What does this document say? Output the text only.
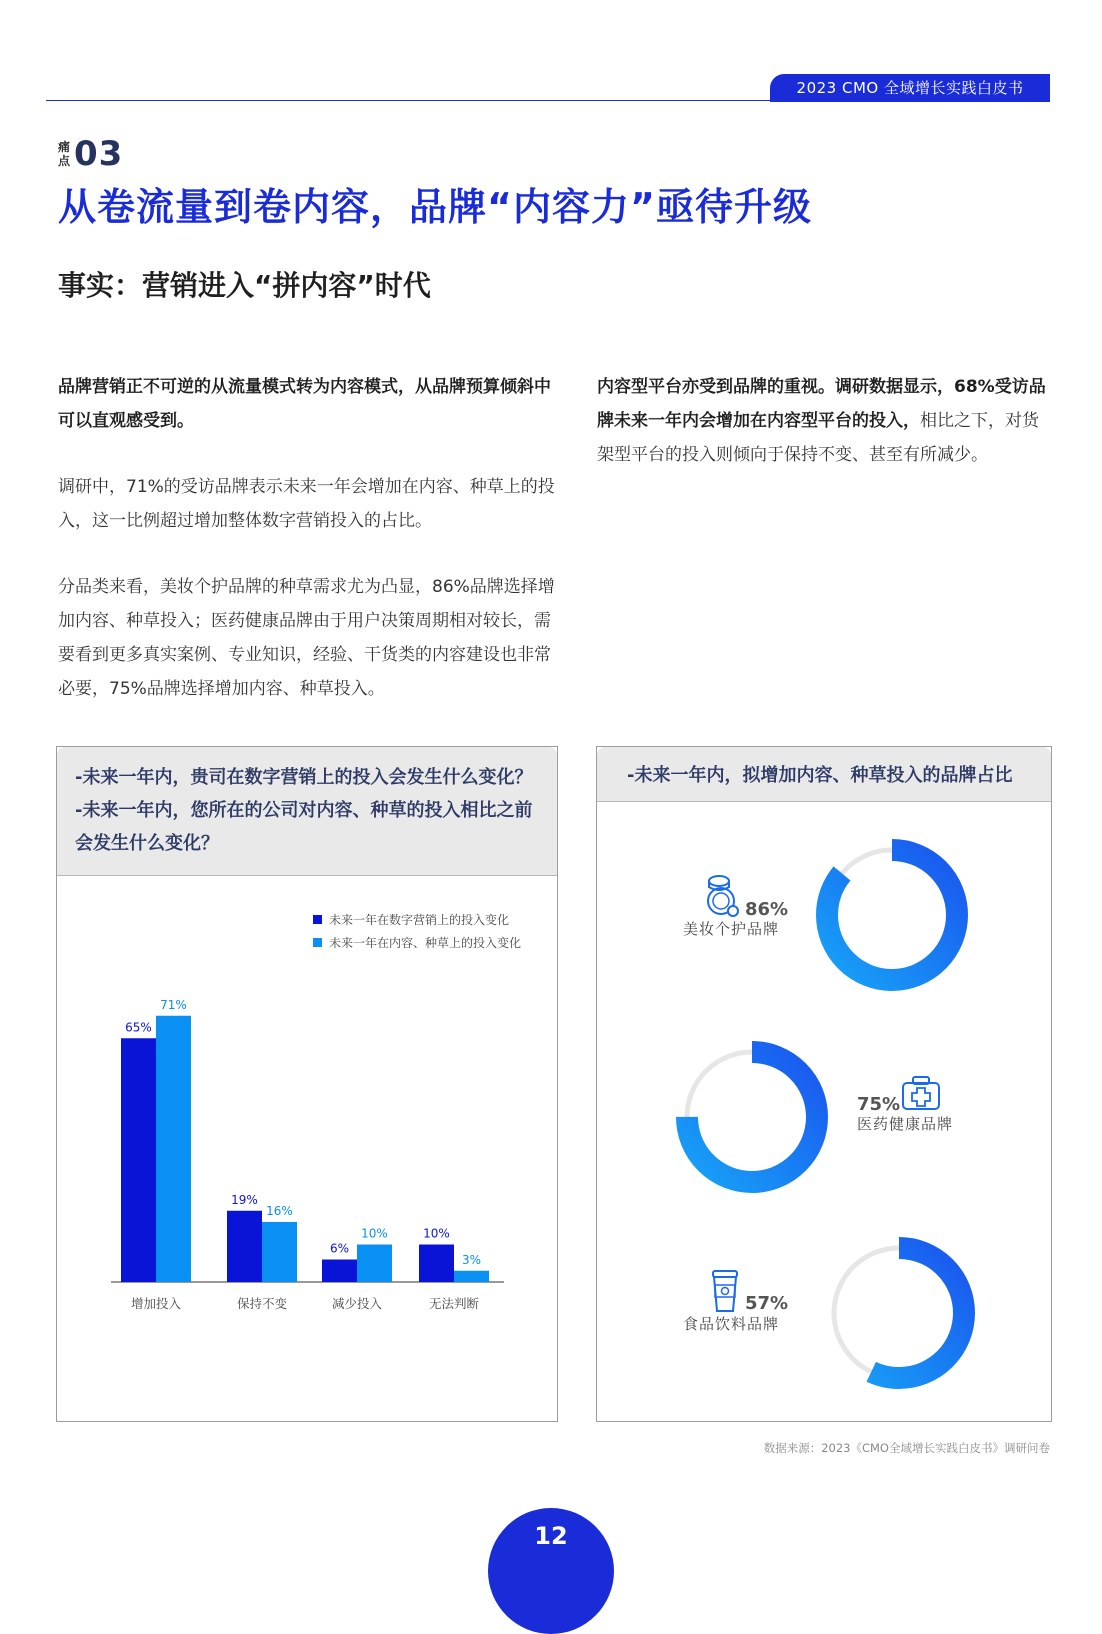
2023 CMO 全域增长实践白皮书
痛点 03
从卷流量到卷内容，品牌“内容力”亟待升级
事实：营销进入“拼内容”时代

品牌营销正不可逆的从流量模式转为内容模式，从品牌预算倾斜中可以直观感受到。

调研中，71%的受访品牌表示未来一年会增加在内容、种草上的投入，这一比例超过增加整体数字营销投入的占比。

分品类来看，美妆个护品牌的种草需求尤为凸显，86%品牌选择增加内容、种草投入；医药健康品牌由于用户决策周期相对较长，需要看到更多真实案例、专业知识，经验、干货类的内容建设也非常必要，75%品牌选择增加内容、种草投入。

内容型平台亦受到品牌的重视。调研数据显示，68%受访品牌未来一年内会增加在内容型平台的投入，相比之下，对货架型平台的投入则倾向于保持不变、甚至有所减少。

-未来一年内，贵司在数字营销上的投入会发生什么变化？
-未来一年内，您所在的公司对内容、种草的投入相比之前
会发生什么变化？
未来一年在数字营销上的投入变化
未来一年在内容、种草上的投入变化
65%
71%
增加投入
19%
16%
保持不变
6%
10%
减少投入
10%
3%
无法判断
-未来一年内，拟增加内容、种草投入的品牌占比
86%
美妆个护品牌
75%
医药健康品牌
57%
食品饮料品牌
数据来源：2023《CMO全域增长实践白皮书》调研问卷
12
